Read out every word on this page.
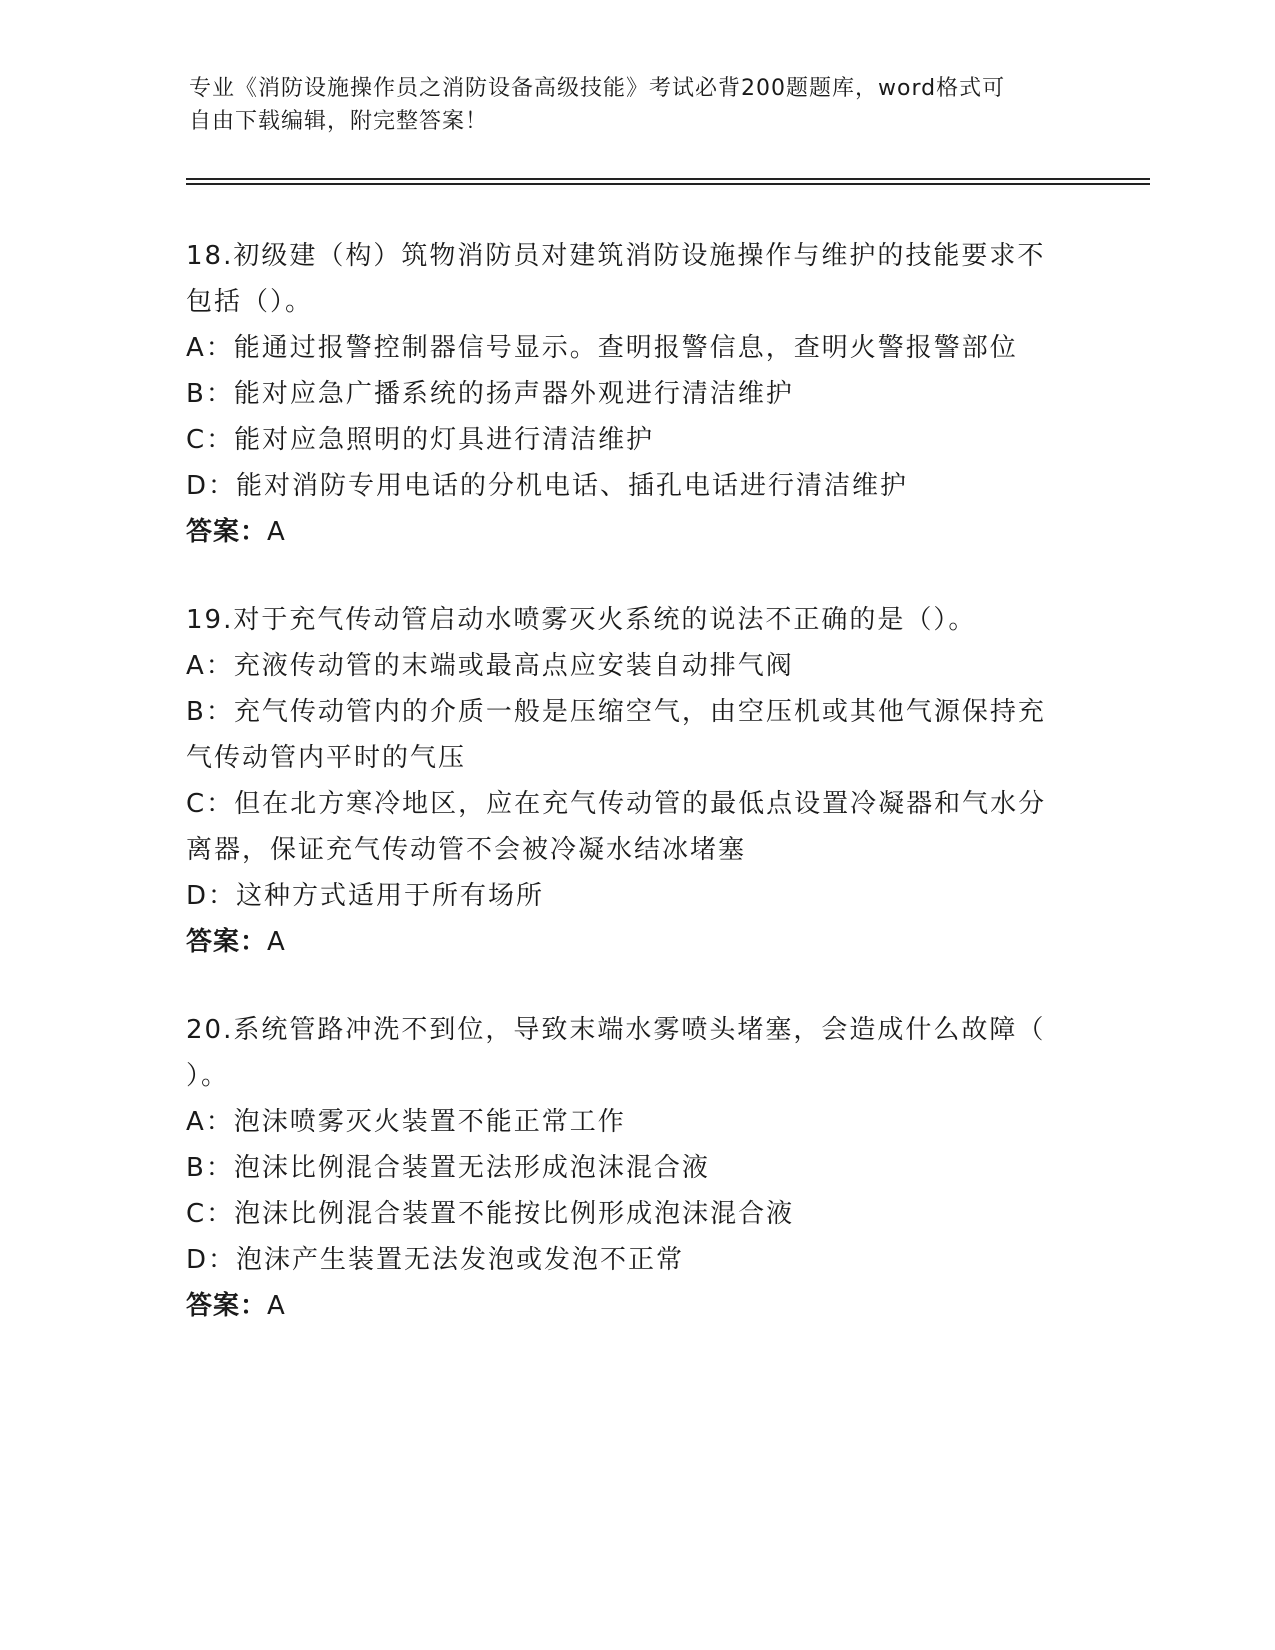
专业《消防设施操作员之消防设备高级技能》考试必背200题题库，word格式可
自由下载编辑，附完整答案！
18.初级建（构）筑物消防员对建筑消防设施操作与维护的技能要求不
包括（）。
A：能通过报警控制器信号显示。查明报警信息，查明火警报警部位
B：能对应急广播系统的扬声器外观进行清洁维护
C：能对应急照明的灯具进行清洁维护
D：能对消防专用电话的分机电话、插孔电话进行清洁维护
答案：A
19.对于充气传动管启动水喷雾灭火系统的说法不正确的是（）。
A：充液传动管的末端或最高点应安装自动排气阀
B：充气传动管内的介质一般是压缩空气，由空压机或其他气源保持充
气传动管内平时的气压
C：但在北方寒冷地区，应在充气传动管的最低点设置冷凝器和气水分
离器，保证充气传动管不会被冷凝水结冰堵塞
D：这种方式适用于所有场所
答案：A
20.系统管路冲洗不到位，导致末端水雾喷头堵塞，会造成什么故障（
）。
A：泡沫喷雾灭火装置不能正常工作
B：泡沫比例混合装置无法形成泡沫混合液
C：泡沫比例混合装置不能按比例形成泡沫混合液
D：泡沫产生装置无法发泡或发泡不正常
答案：A
